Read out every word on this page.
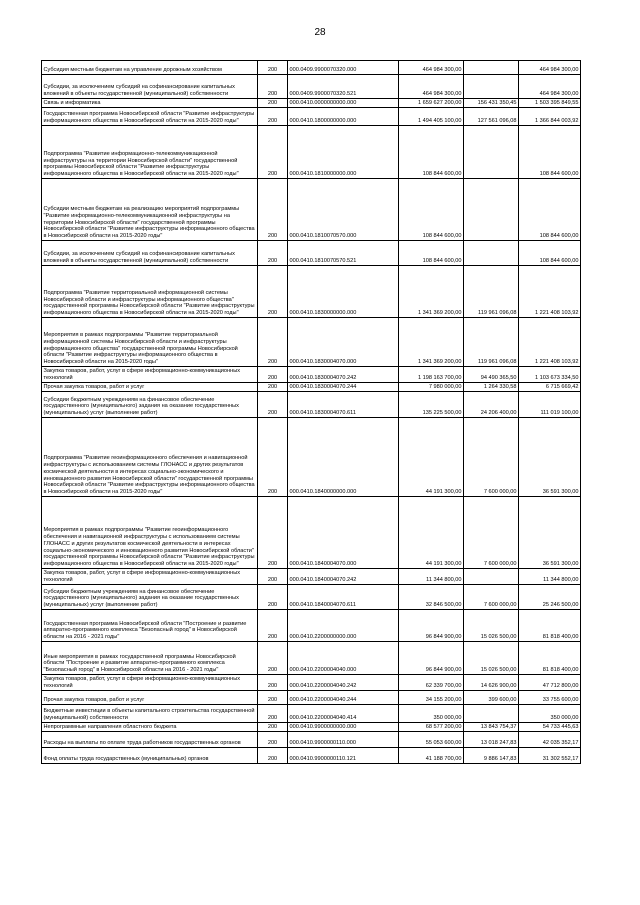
28
Субсидия местным бюджетам на управление дорожным хозяйством	200	000.0409.9900070320.000	464 984 300,00		464 984 300,00
Субсидии, за исключением субсидий на софинансирование капитальных вложений в объекты государственной (муниципальной) собственности	200	000.0409.9900070320.521	464 984 300,00		464 984 300,00
Связь и информатика	200	000.0410.0000000000.000	1 659 627 200,00	156 431 350,45	1 503 395 849,55
Государственная программа Новосибирской области "Развитие инфраструктуры информационного общества в Новосибирской области на 2015-2020 годы"	200	000.0410.1800000000.000	1 494 405 100,00	127 561 096,08	1 366 844 003,92
Подпрограмма "Развитие информационно-телекоммуникационной инфраструктуры на территории Новосибирской области" государственной программы Новосибирской области "Развитие инфраструктуры информационного общества в Новосибирской области на 2015-2020 годы"	200	000.0410.1810000000.000	108 844 600,00		108 844 600,00
Субсидии местным бюджетам на реализацию мероприятий подпрограммы "Развитие информационно-телекоммуникационной инфраструктуры на территории Новосибирской области" государственной программы Новосибирской области "Развитие инфраструктуры информационного общества в Новосибирской области на 2015-2020 годы"	200	000.0410.1810070570.000	108 844 600,00		108 844 600,00
Субсидии, за исключением субсидий на софинансирование капитальных вложений в объекты государственной (муниципальной) собственности	200	000.0410.1810070570.521	108 844 600,00		108 844 600,00
Подпрограмма "Развитие территориальной информационной системы Новосибирской области и инфраструктуры информационного общества" государственной программы Новосибирской области "Развитие инфраструктуры информационного общества в Новосибирской области на 2015-2020 годы"	200	000.0410.1830000000.000	1 341 369 200,00	119 961 096,08	1 221 408 103,92
Мероприятия в рамках подпрограммы "Развитие территориальной информационной системы Новосибирской области и инфраструктуры информационного общества" государственной программы Новосибирской области "Развитие инфраструктуры информационного общества в Новосибирской области на 2015-2020 годы"	200	000.0410.1830004070.000	1 341 369 200,00	119 961 096,08	1 221 408 103,92
Закупка товаров, работ, услуг в сфере информационно-коммуникационных технологий	200	000.0410.1830004070.242	1 198 163 700,00	94 490 365,50	1 103 673 334,50
Прочая закупка товаров, работ и услуг	200	000.0410.1830004070.244	7 980 000,00	1 264 330,58	6 715 669,42
Субсидии бюджетным учреждениям на финансовое обеспечение государственного (муниципального) задания на оказание государственных (муниципальных) услуг (выполнение работ)	200	000.0410.1830004070.611	135 225 500,00	24 206 400,00	111 019 100,00
Подпрограмма "Развитие геоинформационного обеспечения и навигационной инфраструктуры с использованием системы ГЛОНАСС и других результатов космической деятельности в интересах социально-экономического и инновационного развития Новосибирской области" государственной программы Новосибирской области "Развитие инфраструктуры информационного общества в Новосибирской области на 2015-2020 годы"	200	000.0410.1840000000.000	44 191 300,00	7 600 000,00	36 591 300,00
Мероприятия в рамках подпрограммы "Развитие геоинформационного обеспечения и навигационной инфраструктуры с использованием системы ГЛОНАСС и других результатов космической деятельности в интересах социально-экономического и инновационного развития Новосибирской области" государственной программы Новосибирской области "Развитие инфраструктуры информационного общества в Новосибирской области на 2015-2020 годы"	200	000.0410.1840004070.000	44 191 300,00	7 600 000,00	36 591 300,00
Закупка товаров, работ, услуг в сфере информационно-коммуникационных технологий	200	000.0410.1840004070.242	11 344 800,00		11 344 800,00
Субсидии бюджетным учреждениям на финансовое обеспечение государственного (муниципального) задания на оказание государственных (муниципальных) услуг (выполнение работ)	200	000.0410.1840004070.611	32 846 500,00	7 600 000,00	25 246 500,00
Государственная программа Новосибирской области "Построение и развитие аппаратно-программного комплекса "Безопасный город" в Новосибирской области на 2016 - 2021 годы"	200	000.0410.2200000000.000	96 844 900,00	15 026 500,00	81 818 400,00
Иные мероприятия в рамках государственной программы Новосибирской области "Построение и развитие аппаратно-программного комплекса "Безопасный город" в Новосибирской области на 2016 - 2021 годы"	200	000.0410.2200004040.000	96 844 900,00	15 026 500,00	81 818 400,00
Закупка товаров, работ, услуг в сфере информационно-коммуникационных технологий	200	000.0410.2200004040.242	62 339 700,00	14 626 900,00	47 712 800,00
Прочая закупка товаров, работ и услуг	200	000.0410.2200004040.244	34 155 200,00	399 600,00	33 755 600,00
Бюджетные инвестиции в объекты капитального строительства государственной (муниципальной) собственности	200	000.0410.2200004040.414	350 000,00		350 000,00
Непрограммные направления областного бюджета	200	000.0410.9900000000.000	68 577 200,00	13 843 754,37	54 733 445,63
Расходы на выплаты по оплате труда работников государственных органов	200	000.0410.9900000110.000	55 053 600,00	13 018 247,83	42 035 352,17
Фонд оплаты труда государственных (муниципальных) органов	200	000.0410.9900000110.121	41 188 700,00	9 886 147,83	31 302 552,17
